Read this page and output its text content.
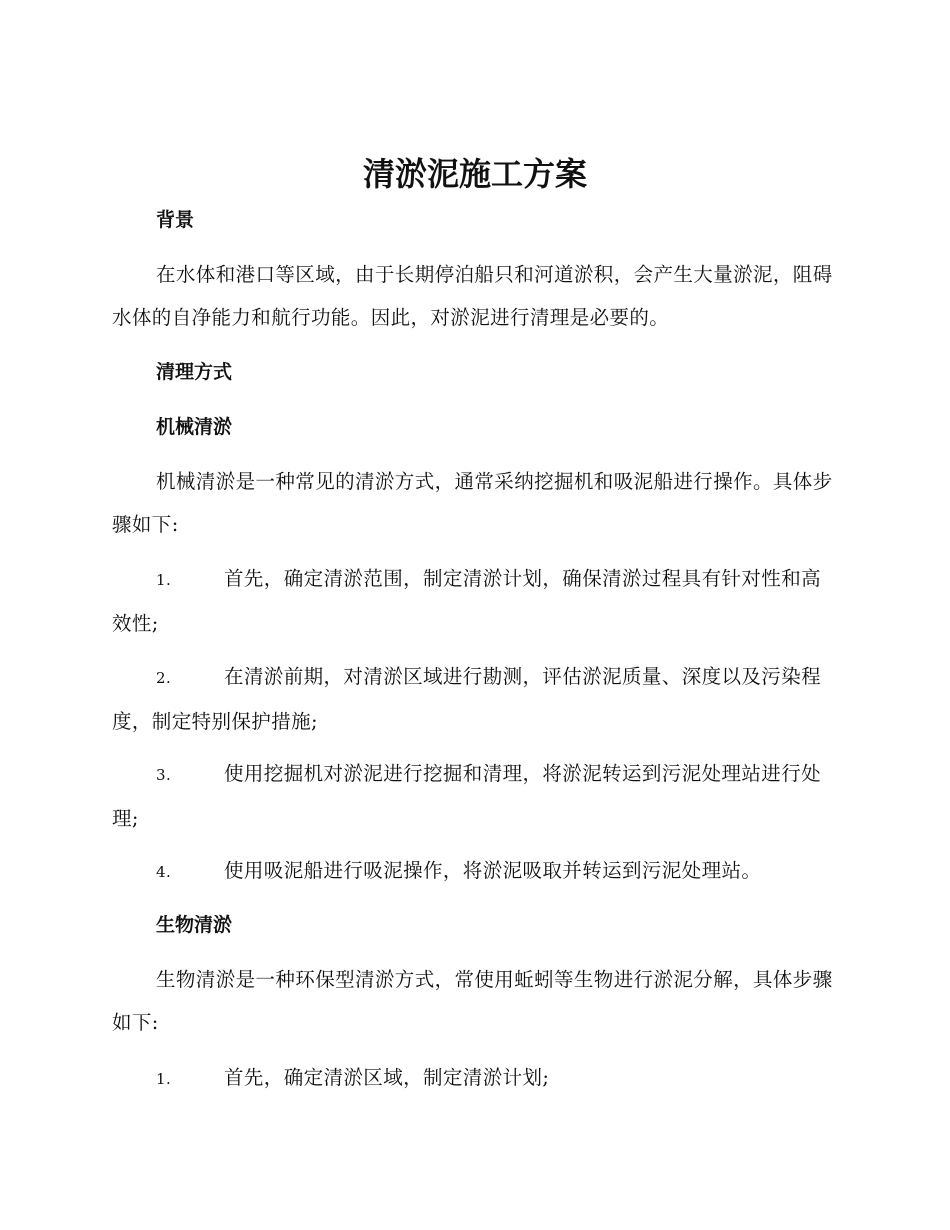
清淤泥施工方案
背景

在水体和港口等区域，由于长期停泊船只和河道淤积，会产生大量淤泥，阻碍水体的自净能力和航行功能。因此，对淤泥进行清理是必要的。

清理方式
机械清淤

机械清淤是一种常见的清淤方式，通常采纳挖掘机和吸泥船进行操作。具体步骤如下:

1.	首先，确定清淤范围，制定清淤计划，确保清淤过程具有针对性和高效性;

2.	在清淤前期，对清淤区域进行勘测，评估淤泥质量、深度以及污染程度，制定特别保护措施;

3.	使用挖掘机对淤泥进行挖掘和清理，将淤泥转运到污泥处理站进行处理;

4.	使用吸泥船进行吸泥操作，将淤泥吸取并转运到污泥处理站。

生物清淤

生物清淤是一种环保型清淤方式，常使用蚯蚓等生物进行淤泥分解，具体步骤如下:

1.	首先，确定清淤区域，制定清淤计划;
